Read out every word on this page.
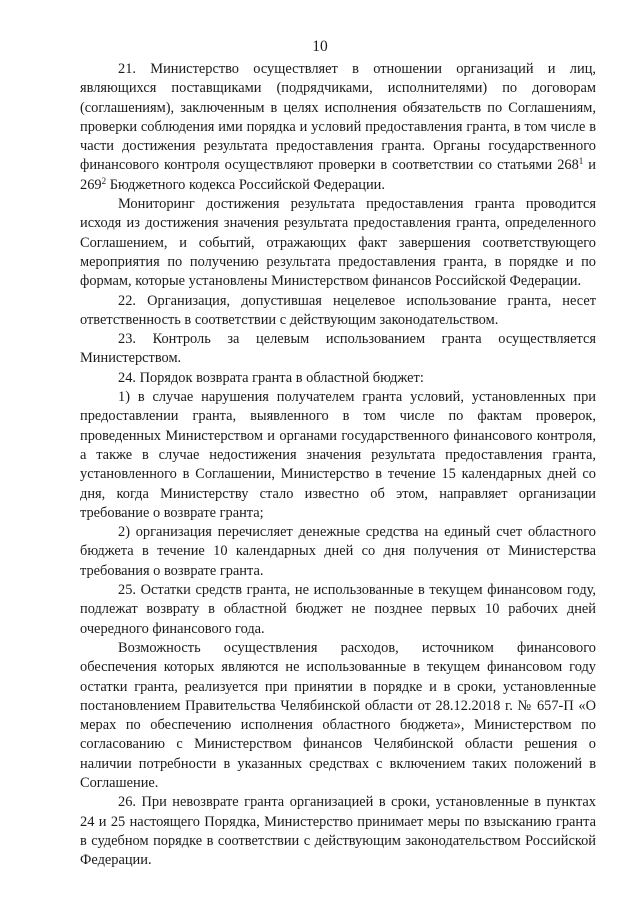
10

21. Министерство осуществляет в отношении организаций и лиц, являющихся поставщиками (подрядчиками, исполнителями) по договорам (соглашениям), заключенным в целях исполнения обязательств по Соглашениям, проверки соблюдения ими порядка и условий предоставления гранта, в том числе в части достижения результата предоставления гранта. Органы государственного финансового контроля осуществляют проверки в соответствии со статьями $268^1$ и $269^2$ Бюджетного кодекса Российской Федерации.

Мониторинг достижения результата предоставления гранта проводится исходя из достижения значения результата предоставления гранта, определенного Соглашением, и событий, отражающих факт завершения соответствующего мероприятия по получению результата предоставления гранта, в порядке и по формам, которые установлены Министерством финансов Российской Федерации.

22. Организация, допустившая нецелевое использование гранта, несет ответственность в соответствии с действующим законодательством.

23. Контроль за целевым использованием гранта осуществляется Министерством.

24. Порядок возврата гранта в областной бюджет:

1) в случае нарушения получателем гранта условий, установленных при предоставлении гранта, выявленного в том числе по фактам проверок, проведенных Министерством и органами государственного финансового контроля, а также в случае недостижения значения результата предоставления гранта, установленного в Соглашении, Министерство в течение 15 календарных дней со дня, когда Министерству стало известно об этом, направляет организации требование о возврате гранта;

2) организация перечисляет денежные средства на единый счет областного бюджета в течение 10 календарных дней со дня получения от Министерства требования о возврате гранта.

25. Остатки средств гранта, не использованные в текущем финансовом году, подлежат возврату в областной бюджет не позднее первых 10 рабочих дней очередного финансового года.

Возможность осуществления расходов, источником финансового обеспечения которых являются не использованные в текущем финансовом году остатки гранта, реализуется при принятии в порядке и в сроки, установленные постановлением Правительства Челябинской области от 28.12.2018 г. № 657-П «О мерах по обеспечению исполнения областного бюджета», Министерством по согласованию с Министерством финансов Челябинской области решения о наличии потребности в указанных средствах с включением таких положений в Соглашение.

26. При невозврате гранта организацией в сроки, установленные в пунктах 24 и 25 настоящего Порядка, Министерство принимает меры по взысканию гранта в судебном порядке в соответствии с действующим законодательством Российской Федерации.
